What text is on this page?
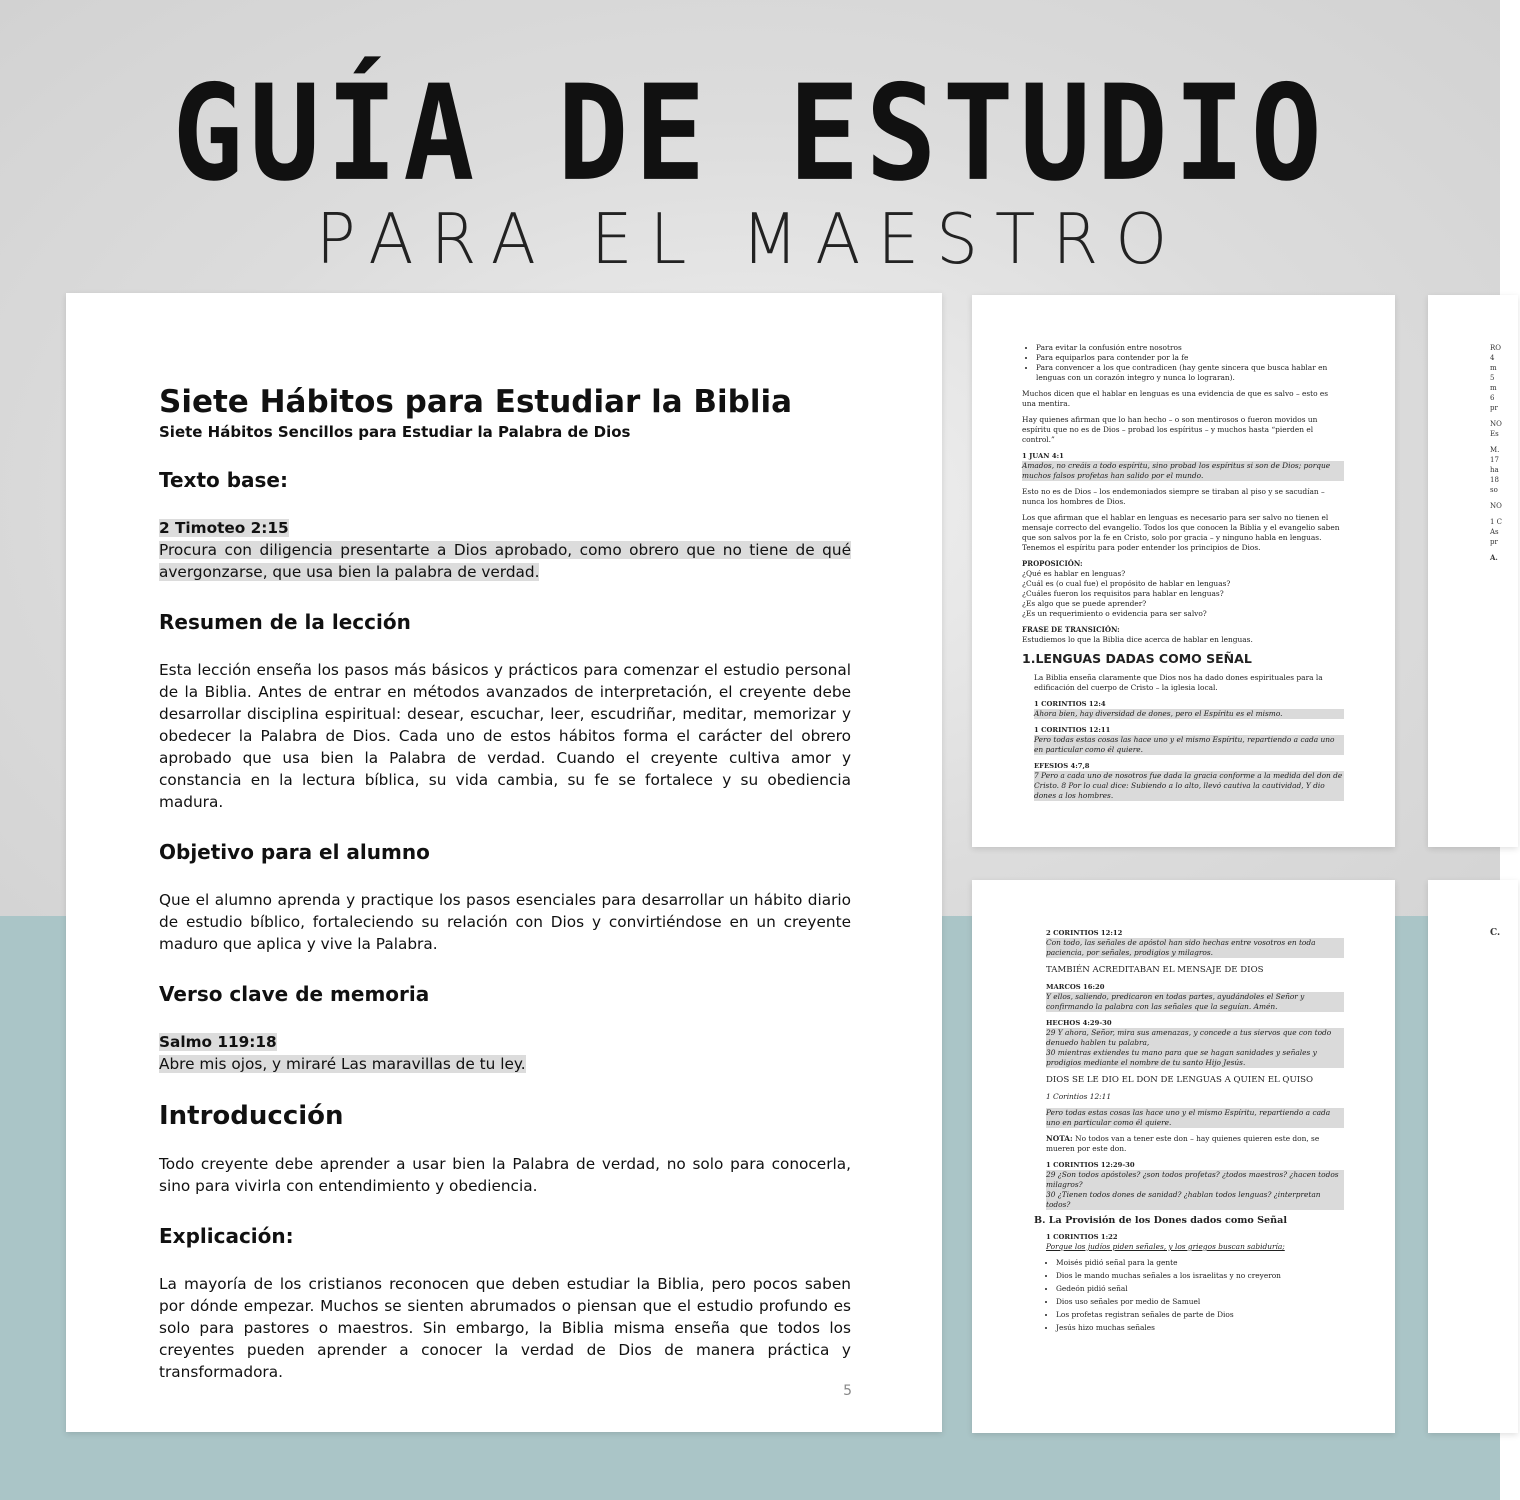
GUÍA DE ESTUDIO
PARA EL MAESTRO

Siete Hábitos para Estudiar la Biblia

Siete Hábitos Sencillos para Estudiar la Palabra de Dios

Texto base:

2 Timoteo 2:15

Procura con diligencia presentarte a Dios aprobado, como obrero que no tiene de qué avergonzarse, que usa bien la palabra de verdad.

Resumen de la lección

Esta lección enseña los pasos más básicos y prácticos para comenzar el estudio personal de la Biblia. Antes de entrar en métodos avanzados de interpretación, el creyente debe desarrollar disciplina espiritual: desear, escuchar, leer, escudriñar, meditar, memorizar y obedecer la Palabra de Dios. Cada uno de estos hábitos forma el carácter del obrero aprobado que usa bien la Palabra de verdad. Cuando el creyente cultiva amor y constancia en la lectura bíblica, su vida cambia, su fe se fortalece y su obediencia madura.

Objetivo para el alumno

Que el alumno aprenda y practique los pasos esenciales para desarrollar un hábito diario de estudio bíblico, fortaleciendo su relación con Dios y convirtiéndose en un creyente maduro que aplica y vive la Palabra.

Verso clave de memoria

Salmo 119:18

Abre mis ojos, y miraré Las maravillas de tu ley.

Introducción

Todo creyente debe aprender a usar bien la Palabra de verdad, no solo para conocerla, sino para vivirla con entendimiento y obediencia.

Explicación:

La mayoría de los cristianos reconocen que deben estudiar la Biblia, pero pocos saben por dónde empezar. Muchos se sienten abrumados o piensan que el estudio profundo es solo para pastores o maestros. Sin embargo, la Biblia misma enseña que todos los creyentes pueden aprender a conocer la verdad de Dios de manera práctica y transformadora.

5
• Para evitar la confusión entre nosotros
• Para equiparlos para contender por la fe
• Para convencer a los que contradicen (hay gente sincera que busca hablar en lenguas con un corazón integro y nunca lo lograran).

Muchos dicen que el hablar en lenguas es una evidencia de que es salvo – esto es una mentira.

Hay quienes afirman que lo han hecho – o son mentirosos o fueron movidos un espíritu que no es de Dios – probad los espíritus – y muchos hasta “pierden el control.”

1 JUAN 4:1

Amados, no creáis a todo espíritu, sino probad los espíritus si son de Dios; porque muchos falsos profetas han salido por el mundo.

Esto no es de Dios – los endemoniados siempre se tiraban al piso y se sacudían – nunca los hombres de Dios.

Los que afirman que el hablar en lenguas es necesario para ser salvo no tienen el mensaje correcto del evangelio. Todos los que conocen la Biblia y el evangelio saben que son salvos por la fe en Cristo, solo por gracia – y ninguno habla en lenguas. Tenemos el espíritu para poder entender los principios de Dios.

PROPOSICIÓN:

¿Qué es hablar en lenguas?

¿Cuál es (o cual fue) el propósito de hablar en lenguas?

¿Cuáles fueron los requisitos para hablar en lenguas?

¿Es algo que se puede aprender?

¿Es un requerimiento o evidencia para ser salvo?

FRASE DE TRANSICIÓN:

Estudiemos lo que la Biblia dice acerca de hablar en lenguas.

1.LENGUAS DADAS COMO SEÑAL

La Biblia enseña claramente que Dios nos ha dado dones espirituales para la edificación del cuerpo de Cristo – la iglesia local.

1 CORINTIOS 12:4

Ahora bien, hay diversidad de dones, pero el Espíritu es el mismo.

1 CORINTIOS 12:11

Pero todas estas cosas las hace uno y el mismo Espíritu, repartiendo a cada uno en particular como él quiere.

EFESIOS 4:7,8

7 Pero a cada uno de nosotros fue dada la gracia conforme a la medida del don de Cristo. 8 Por lo cual dice: Subiendo a lo alto, llevó cautiva la cautividad, Y dio dones a los hombres.

2 CORINTIOS 12:12

Con todo, las señales de apóstol han sido hechas entre vosotros en toda paciencia, por señales, prodigios y milagros.

TAMBIÉN ACREDITABAN EL MENSAJE DE DIOS

MARCOS 16:20

Y ellos, saliendo, predicaron en todas partes, ayudándoles el Señor y confirmando la palabra con las señales que la seguían. Amén.

HECHOS 4:29-30

29 Y ahora, Señor, mira sus amenazas, y concede a tus siervos que con todo denuedo hablen tu palabra,

30 mientras extiendes tu mano para que se hagan sanidades y señales y prodigios mediante el nombre de tu santo Hijo Jesús.

DIOS SE LE DIO EL DON DE LENGUAS A QUIEN EL QUISO

1 Corintios 12:11

Pero todas estas cosas las hace uno y el mismo Espíritu, repartiendo a cada uno en particular como él quiere.

NOTA: No todos van a tener este don – hay quienes quieren este don, se mueren por este don.

1 CORINTIOS 12:29-30

29 ¿Son todos apóstoles? ¿son todos profetas? ¿todos maestros? ¿hacen todos milagros?

30 ¿Tienen todos dones de sanidad? ¿hablan todos lenguas? ¿interpretan todos?

B. La Provisión de los Dones dados como Señal

1 CORINTIOS 1:22

Porque los judíos piden señales, y los griegos buscan sabiduría;

• Moisés pidió señal para la gente
• Dios le mando muchas señales a los israelitas y no creyeron
• Gedeón pidió señal
• Dios uso señales por medio de Samuel
• Los profetas registran señales de parte de Dios
• Jesús hizo muchas señales
RO
4
m
5
m
6
pr
NO
Es
M.
17
ha
18
so
NO
1 C
As
pr
A.
C.
